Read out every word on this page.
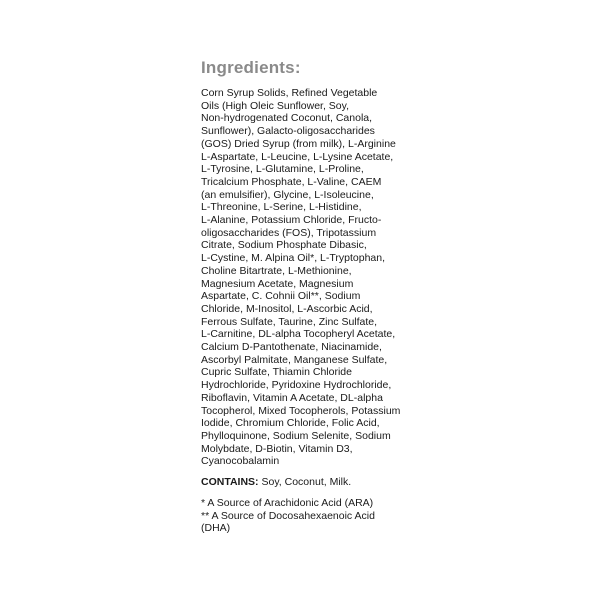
Ingredients:
Corn Syrup Solids, Refined Vegetable
Oils (High Oleic Sunflower, Soy,
Non-hydrogenated Coconut, Canola,
Sunflower), Galacto-oligosaccharides
(GOS) Dried Syrup (from milk), L-Arginine
L-Aspartate, L-Leucine, L-Lysine Acetate,
L-Tyrosine, L-Glutamine, L-Proline,
Tricalcium Phosphate, L-Valine, CAEM
(an emulsifier), Glycine, L-Isoleucine,
L-Threonine, L-Serine, L-Histidine,
L-Alanine, Potassium Chloride, Fructo-
oligosaccharides (FOS), Tripotassium
Citrate, Sodium Phosphate Dibasic,
L-Cystine, M. Alpina Oil*, L-Tryptophan,
Choline Bitartrate, L-Methionine,
Magnesium Acetate, Magnesium
Aspartate, C. Cohnii Oil**, Sodium
Chloride, M-Inositol, L-Ascorbic Acid,
Ferrous Sulfate, Taurine, Zinc Sulfate,
L-Carnitine, DL-alpha Tocopheryl Acetate,
Calcium D-Pantothenate, Niacinamide,
Ascorbyl Palmitate, Manganese Sulfate,
Cupric Sulfate, Thiamin Chloride
Hydrochloride, Pyridoxine Hydrochloride,
Riboflavin, Vitamin A Acetate, DL-alpha
Tocopherol, Mixed Tocopherols, Potassium
Iodide, Chromium Chloride, Folic Acid,
Phylloquinone, Sodium Selenite, Sodium
Molybdate, D-Biotin, Vitamin D3,
Cyanocobalamin
CONTAINS: Soy, Coconut, Milk.
* A Source of Arachidonic Acid (ARA)
** A Source of Docosahexaenoic Acid
(DHA)
